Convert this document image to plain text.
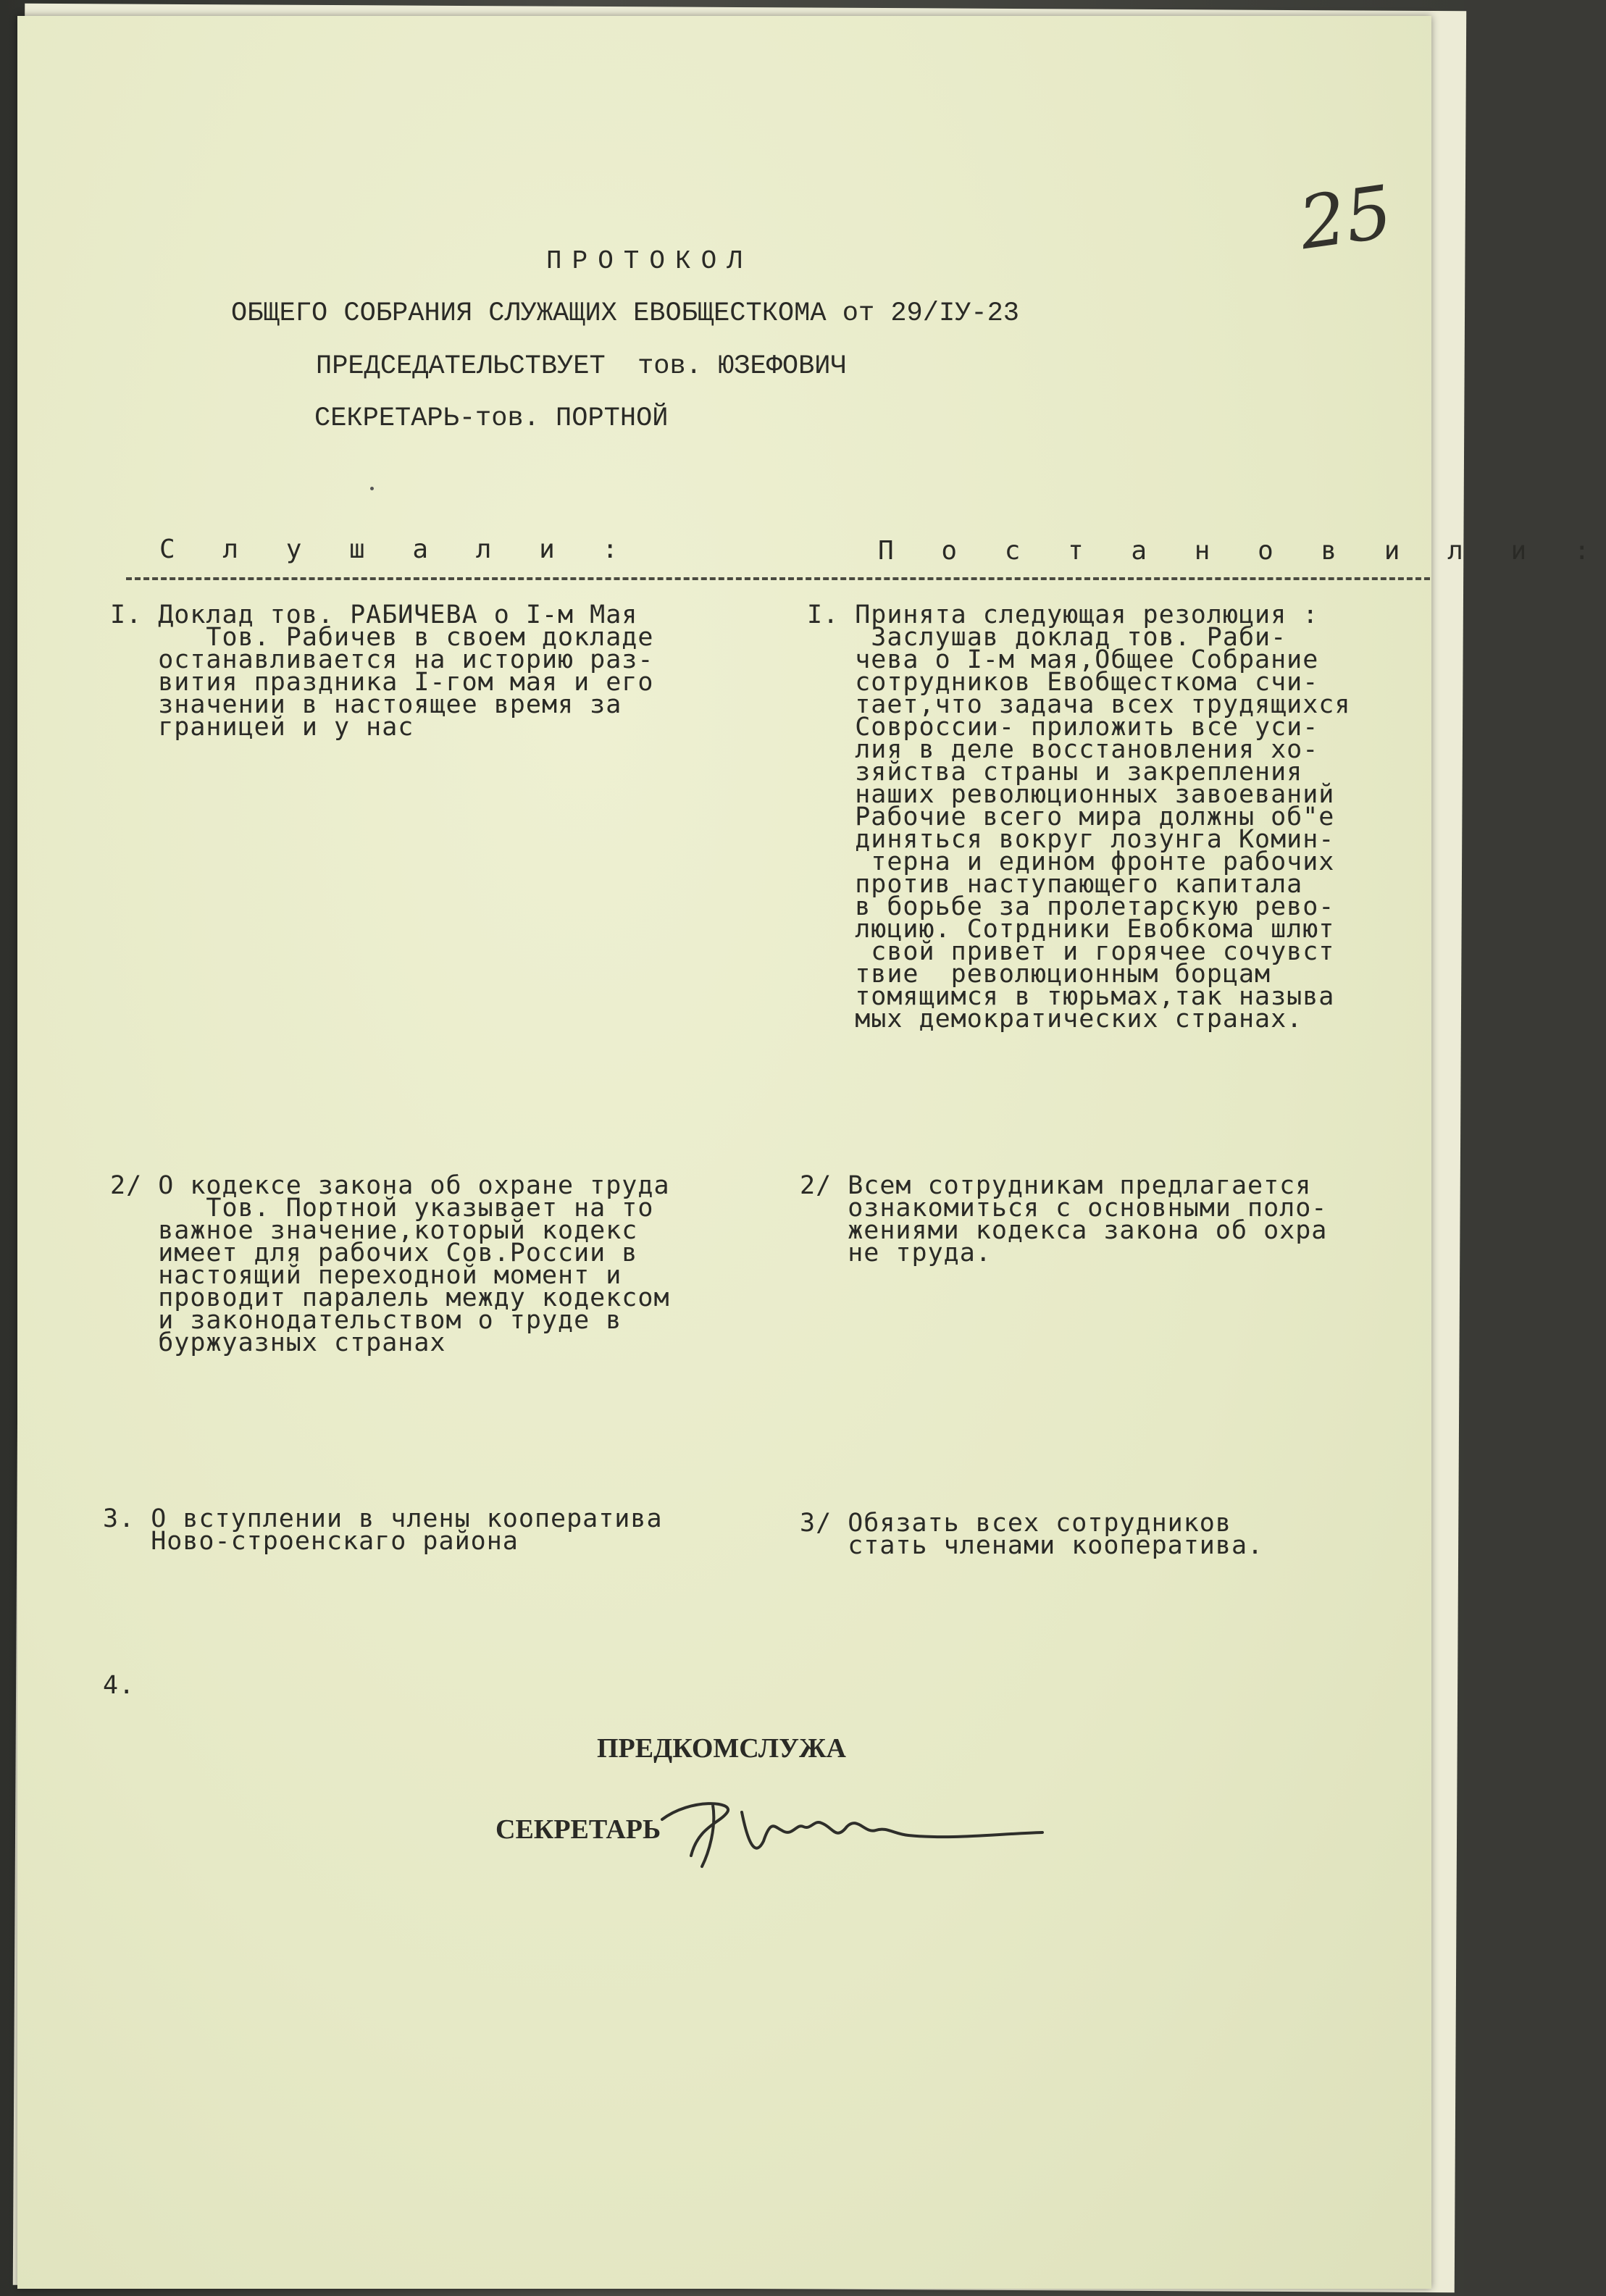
25
ПРОТОКОЛ
ОБЩЕГО СОБРАНИЯ СЛУЖАЩИХ ЕВОБЩЕСТКОМА от 29/IУ-23
ПРЕДСЕДАТЕЛЬСТВУЕТ  тов. ЮЗЕФОВИЧ
СЕКРЕТАРЬ-тов. ПОРТНОЙ
С л у ш а л и :	П о с т а н о в и л и :
I. Доклад тов. РАБИЧЕВА о I-м Мая
Тов. Рабичев в своем докладе
останавливается на историю раз-
вития праздника I-гом мая и его
значении в настоящее время за
границей и у нас
I. Принята следующая резолюция :
Заслушав доклад тов. Раби-
чева о I-м мая,Общее Собрание
сотрудников Евобщесткома счи-
тает,что задача всех трудящихся
Совроссии- приложить все уси-
лия в деле восстановления хо-
зяйства страны и закрепления
наших революционных завоеваний
Рабочие всего мира должны об"е
диняться вокруг лозунга Комин-
терна и едином фронте рабочих
против наступающего капитала
в борьбе за пролетарскую рево-
люцию. Сотрдники Евобкома шлют
свой привет и горячее сочувст
твие  революционным борцам
томящимся в тюрьмах,так называ
мых демократических странах.
2/ О кодексе закона об охране труда
Тов. Портной указывает на то
важное значение,который кодекс
имеет для рабочих Сов.России в
настоящий переходной момент и
проводит паралель между кодексом
и законодательством о труде в
буржуазных странах
2/ Всем сотрудникам предлагается
ознакомиться с основными поло-
жениями кодекса закона об охра
не труда.
3. О вступлении в члены кооператива
Ново-строенскаго района
3/ Обязать всех сотрудников
стать членами кооператива.
4.
ПРЕДКОМСЛУЖА
СЕКРЕТАРЬ
